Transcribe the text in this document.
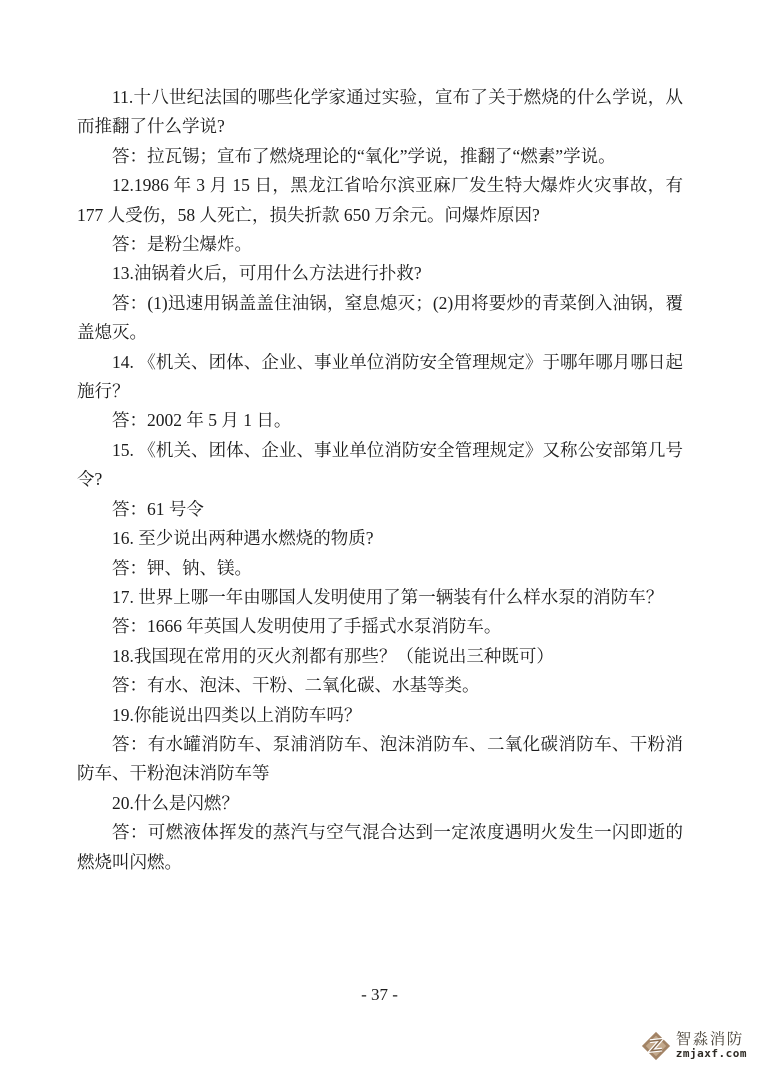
11.十八世纪法国的哪些化学家通过实验，宣布了关于燃烧的什么学说，从而推翻了什么学说?

答：拉瓦锡；宣布了燃烧理论的“氧化”学说，推翻了“燃素”学说。

12.1986 年 3 月 15 日，黑龙江省哈尔滨亚麻厂发生特大爆炸火灾事故，有 177 人受伤，58 人死亡，损失折款 650 万余元。问爆炸原因?

答：是粉尘爆炸。

13.油锅着火后，可用什么方法进行扑救?

答：(1)迅速用锅盖盖住油锅，窒息熄灭；(2)用将要炒的青菜倒入油锅，覆盖熄灭。

14. 《机关、团体、企业、事业单位消防安全管理规定》于哪年哪月哪日起施行？

答：2002 年 5 月 1 日。

15. 《机关、团体、企业、事业单位消防安全管理规定》又称公安部第几号令?

答：61 号令

16. 至少说出两种遇水燃烧的物质?

答：钾、钠、镁。

17. 世界上哪一年由哪国人发明使用了第一辆装有什么样水泵的消防车？

答：1666 年英国人发明使用了手摇式水泵消防车。

18.我国现在常用的灭火剂都有那些？（能说出三种既可）

答：有水、泡沫、干粉、二氧化碳、水基等类。

19.你能说出四类以上消防车吗？

答：有水罐消防车、泵浦消防车、泡沫消防车、二氧化碳消防车、干粉消防车、干粉泡沫消防车等

20.什么是闪燃？

答：可燃液体挥发的蒸汽与空气混合达到一定浓度遇明火发生一闪即逝的燃烧叫闪燃。

- 37 -
智淼消防
zmjaxf.com
